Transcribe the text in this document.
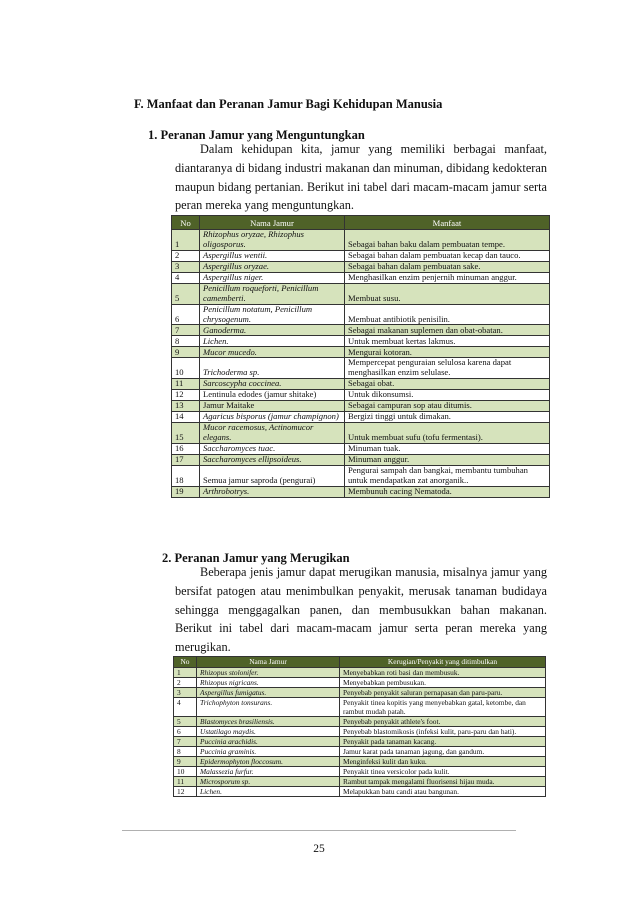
F. Manfaat dan Peranan Jamur Bagi Kehidupan Manusia
1. Peranan Jamur yang Menguntungkan

Dalam kehidupan kita, jamur yang memiliki berbagai manfaat, diantaranya di bidang industri makanan dan minuman, dibidang kedokteran maupun bidang pertanian. Berikut ini tabel dari macam-macam jamur serta peran mereka yang menguntungkan.

No	Nama Jamur	Manfaat
1	Rhizophus oryzae, Rhizophus oligosporus.	Sebagai bahan baku dalam pembuatan tempe.
2	Aspergillus wentii.	Sebagai bahan dalam pembuatan kecap dan tauco.
3	Aspergillus oryzae.	Sebagai bahan dalam pembuatan sake.
4	Aspergillus niger.	Menghasilkan enzim penjernih minuman anggur.
5	Penicillum roqueforti, Penicillum camemberti.	Membuat susu.
6	Penicillum notatum, Penicillum chrysogenum.	Membuat antibiotik penisilin.
7	Ganoderma.	Sebagai makanan suplemen dan obat-obatan.
8	Lichen.	Untuk membuat kertas lakmus.
9	Mucor mucedo.	Mengurai kotoran.
10	Trichoderma sp.	Mempercepat penguraian selulosa karena dapat menghasilkan enzim selulase.
11	Sarcoscypha coccinea.	Sebagai obat.
12	Lentinula edodes (jamur shitake)	Untuk dikonsumsi.
13	Jamur Maitake	Sebagai campuran sop atau ditumis.
14	Agaricus bisporus (jamur champignon)	Bergizi tinggi untuk dimakan.
15	Mucor racemosus, Actinomucor elegans.	Untuk membuat sufu (tofu fermentasi).
16	Saccharomyces tuac.	Minuman tuak.
17	Saccharomyces ellipsoideus.	Minuman anggur.
18	Semua jamur saproda (pengurai)	Pengurai sampah dan bangkai, membantu tumbuhan untuk mendapatkan zat anorganik..
19	Arthrobotrys.	Membunuh cacing Nematoda.
2. Peranan Jamur yang Merugikan

Beberapa jenis jamur dapat merugikan manusia, misalnya jamur yang bersifat patogen atau menimbulkan penyakit, merusak tanaman budidaya sehingga menggagalkan panen, dan membusukkan bahan makanan. Berikut ini tabel dari macam-macam jamur serta peran mereka yang merugikan.

No	Nama Jamur	Kerugian/Penyakit yang ditimbulkan
1	Rhizopus stolonifer.	Menyebabkan roti basi dan membusuk.
2	Rhizopus nigricans.	Menyebabkan pembusukan.
3	Aspergillus fumigatus.	Penyebab penyakit saluran pernapasan dan paru-paru.
4	Trichophyton tonsurans.	Penyakit tinea kopitis yang menyebabkan gatal, ketombe, dan rambut mudah patah.
5	Blastomyces brasiliensis.	Penyebab penyakit athlete's foot.
6	Ustatilago maydis.	Penyebab blastomikosis (infeksi kulit, paru-paru dan hati).
7	Puccinia arachidis.	Penyakit pada tanaman kacang.
8	Puccinia graminis.	Jamur karat pada tanaman jagung, dan gandum.
9	Epidermophyton floccosum.	Menginfeksi kulit dan kuku.
10	Malassezia furfur.	Penyakit tinea versicolor pada kulit.
11	Microsporum sp.	Rambut tampak mengalami fluorisensi hijau muda.
12	Lichen.	Melapukkan batu candi atau bangunan.

25
